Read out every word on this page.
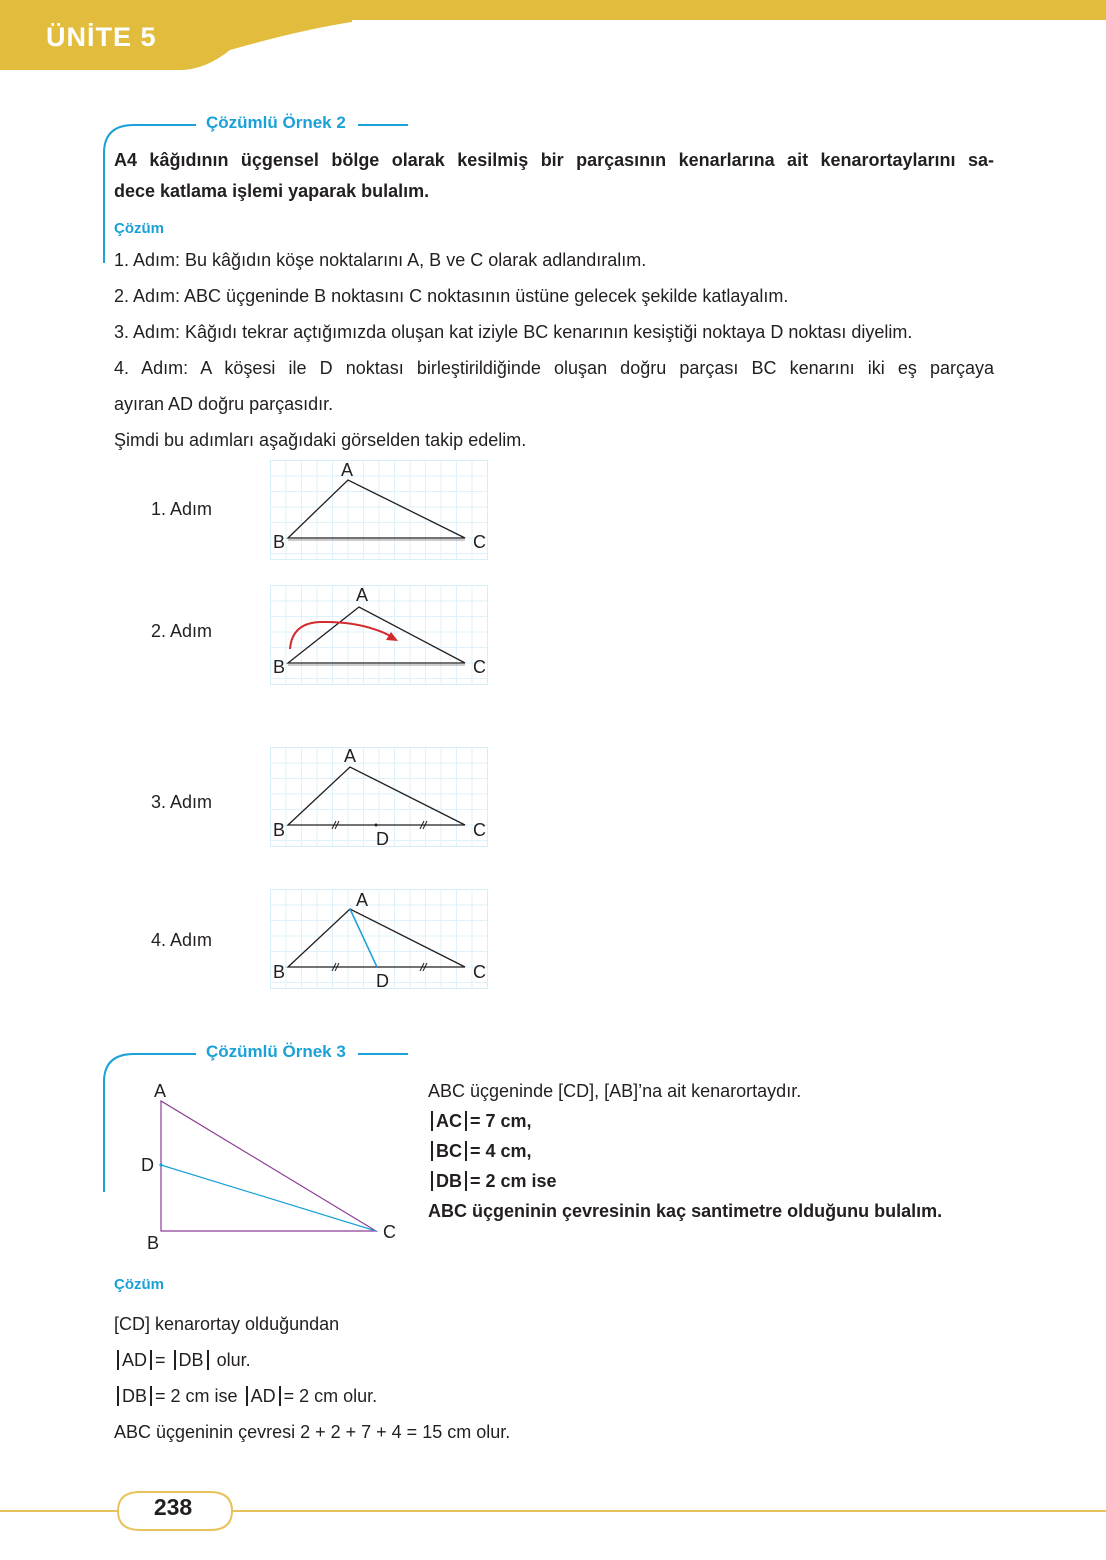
ÜNİTE 5
Çözümlü Örnek 2
A4 kâğıdının üçgensel bölge olarak kesilmiş bir parçasının kenarlarına ait kenarortaylarını sa-
dece katlama işlemi yaparak bulalım.
Çözüm
1. Adım: Bu kâğıdın köşe noktalarını A, B ve C olarak adlandıralım.
2. Adım: ABC üçgeninde B noktasını C noktasının üstüne gelecek şekilde katlayalım.
3. Adım: Kâğıdı tekrar açtığımızda oluşan kat iziyle BC kenarının kesiştiği noktaya D noktası diyelim.
4. Adım: A köşesi ile D noktası birleştirildiğinde oluşan doğru parçası BC kenarını iki eş parçaya
ayıran AD doğru parçasıdır.
Şimdi bu adımları aşağıdaki görselden takip edelim.
1. Adım
A
B	C
2. Adım
A
B	C
3. Adım
A
B	C
D
4. Adım
A
B	C
D
Çözümlü Örnek 3
A
D
B
C
ABC üçgeninde [CD], [AB]’na ait kenarortaydır.
AC = 7 cm,
BC = 4 cm,
DB = 2 cm ise
ABC üçgeninin çevresinin kaç santimetre olduğunu bulalım.
Çözüm
[CD] kenarortay olduğundan
AD = DB olur.
DB = 2 cm ise AD = 2 cm olur.
ABC üçgeninin çevresi 2 + 2 + 7 + 4 = 15 cm olur.
238
